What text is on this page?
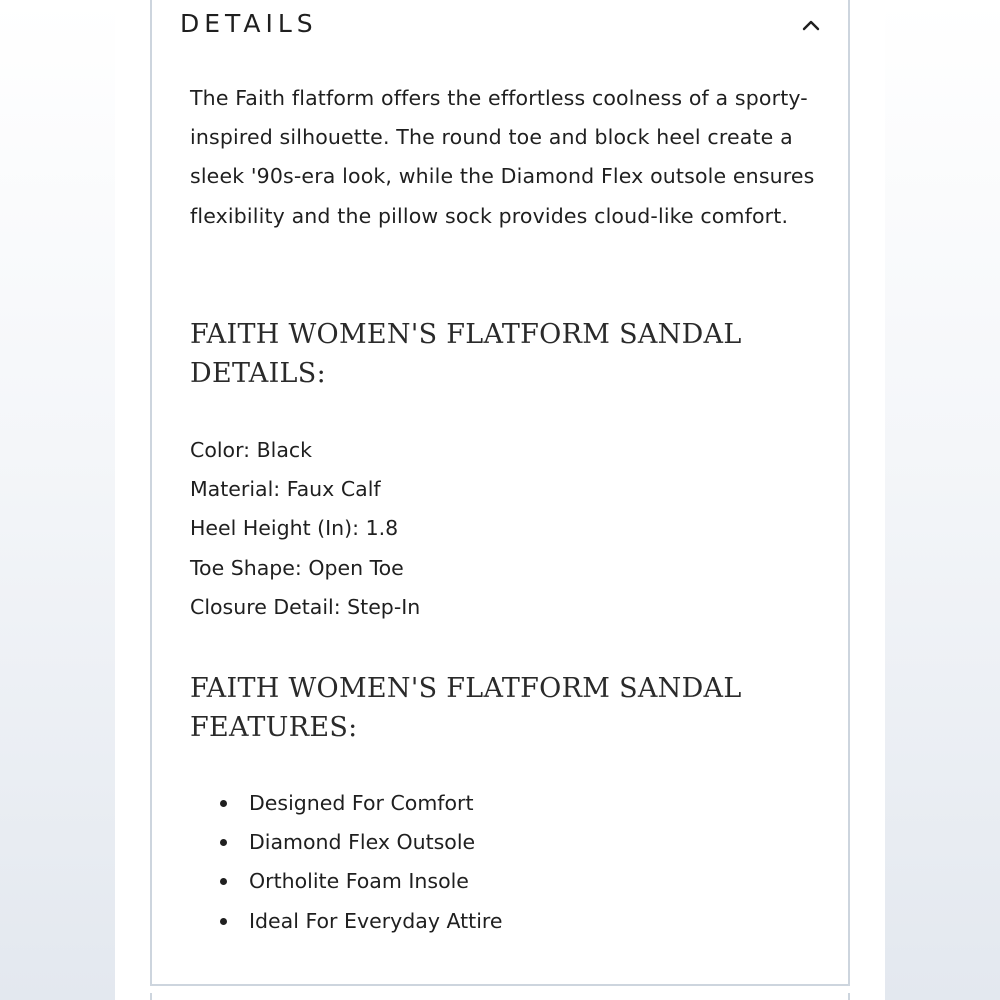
DETAILS

The Faith flatform offers the effortless coolness of a sporty-inspired silhouette. The round toe and block heel create a sleek '90s-era look, while the Diamond Flex outsole ensures flexibility and the pillow sock provides cloud-like comfort.

FAITH WOMEN'S FLATFORM SANDAL DETAILS:
Color: Black
Material: Faux Calf
Heel Height (In): 1.8
Toe Shape: Open Toe
Closure Detail: Step-In
FAITH WOMEN'S FLATFORM SANDAL FEATURES:
Designed For Comfort
Diamond Flex Outsole
Ortholite Foam Insole
Ideal For Everyday Attire
